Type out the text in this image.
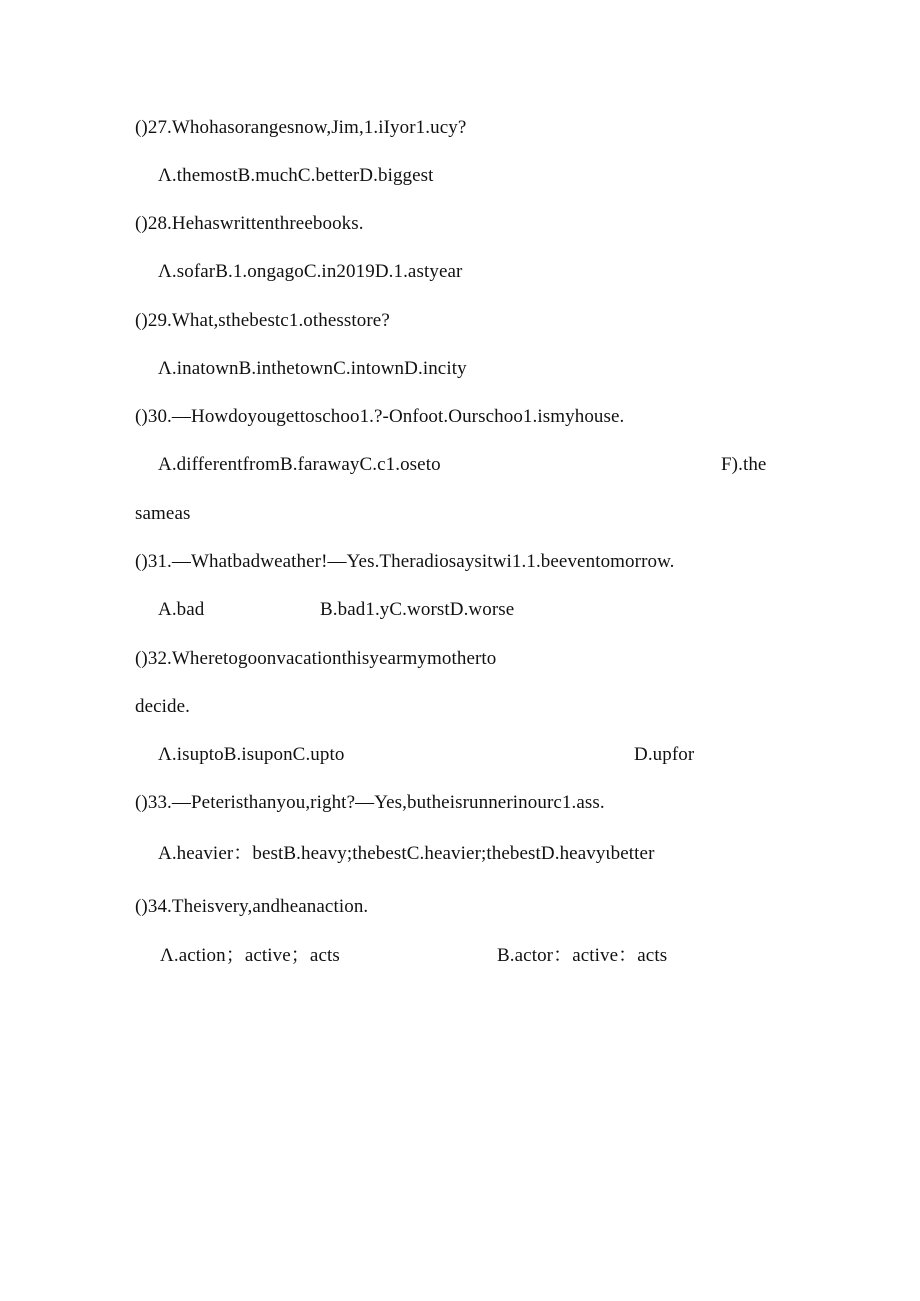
()27.Whohasorangesnow,Jim,1.iIyor1.ucy?
Λ.themostB.muchC.betterD.biggest
()28.Hehaswrittenthreebooks.
Λ.sofarB.1.ongagoC.in2019D.1.astyear
()29.What,sthebestc1.othesstore?
Λ.inatownB.inthetownC.intownD.incity
()30.—Howdoyougettoschoo1.?-Onfoot.Ourschoo1.ismyhouse.
A.differentfromB.farawayC.c1.oseto	F).the
sameas
()31.—Whatbadweather!—Yes.Theradiosaysitwi1.1.beeventomorrow.
A.bad	B.bad1.yC.worstD.worse
()32.Wheretogoonvacationthisyearmymotherto
decide.
Λ.isuptoB.isuponC.upto	D.upfor
()33.—Peteristhanyou,right?—Yes,butheisrunnerinourc1.ass.
A.heavier：bestB.heavy;thebestC.heavier;thebestD.heavyιbetter
()34.Theisvery,andheanaction.
Λ.action；active；acts	B.actor：active：acts
